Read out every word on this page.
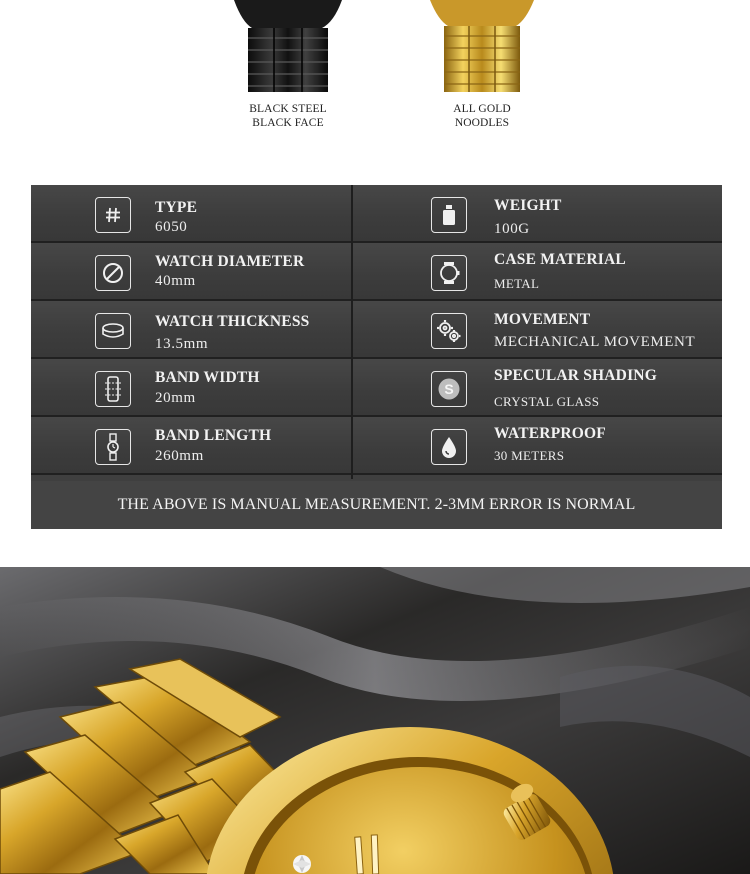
BLACK STEEL
BLACK FACE
ALL GOLD
NOODLES
TYPE
6050
WEIGHT
100G
WATCH DIAMETER
40mm
CASE MATERIAL
METAL
WATCH THICKNESS
13.5mm
MOVEMENT
MECHANICAL MOVEMENT
BAND WIDTH
20mm
S
SPECULAR SHADING
CRYSTAL GLASS
BAND LENGTH
260mm
WATERPROOF
30 METERS
THE ABOVE IS MANUAL MEASUREMENT. 2-3MM ERROR IS NORMAL
